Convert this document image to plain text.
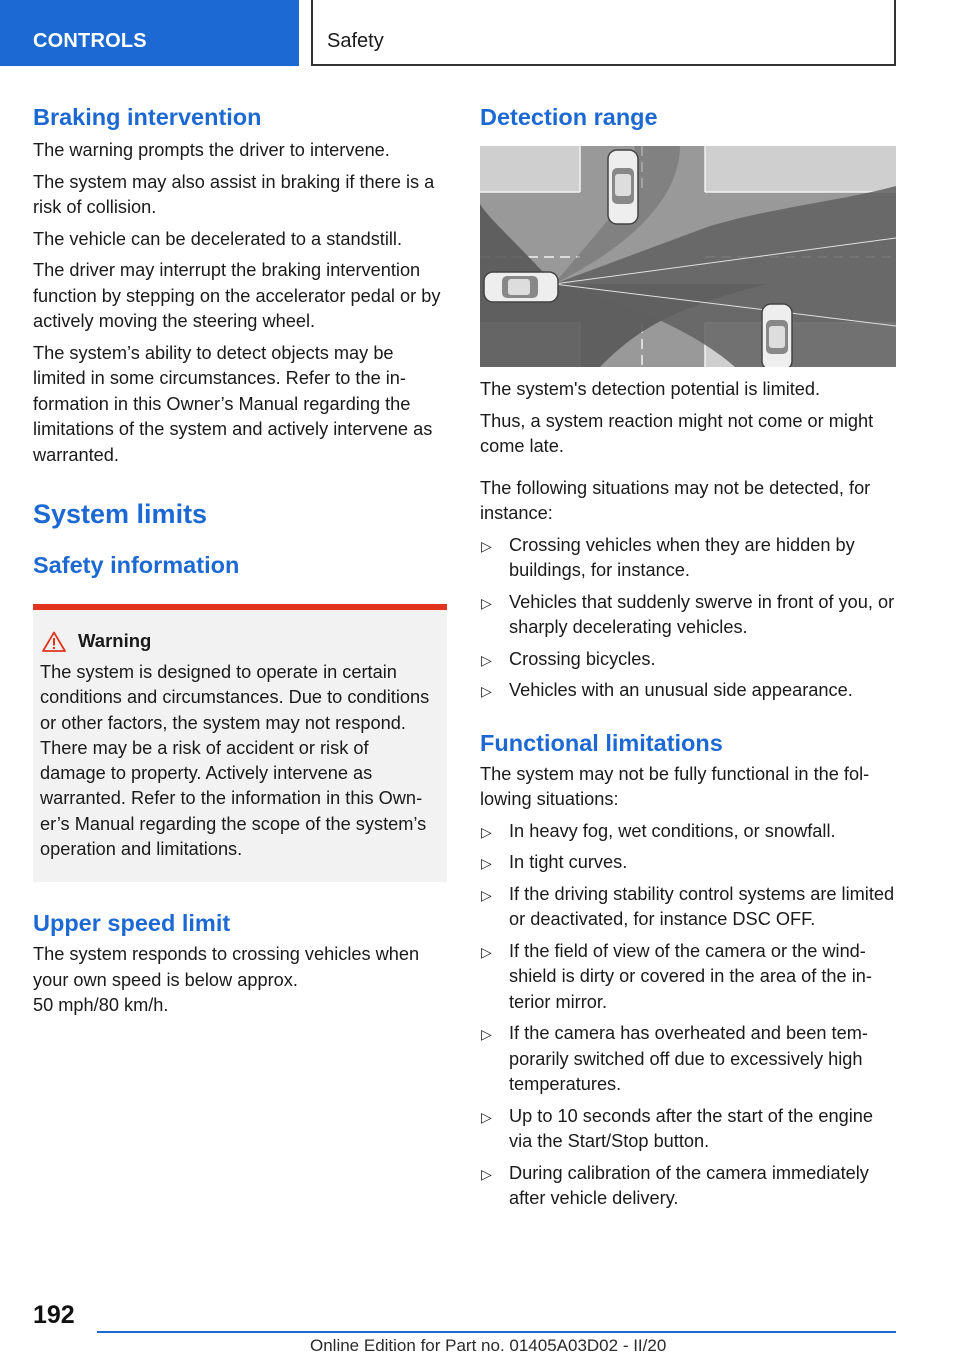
CONTROLS	Safety
Braking intervention

The warning prompts the driver to intervene.

The system may also assist in braking if there is a risk of collision.

The vehicle can be decelerated to a standstill.

The driver may interrupt the braking intervention function by stepping on the accelerator pedal or by actively moving the steering wheel.

The system’s ability to detect objects may be limited in some circumstances. Refer to the information in this Owner’s Manual regarding the limitations of the system and actively intervene as warranted.

System limits
Safety information
Warning

The system is designed to operate in certain conditions and circumstances. Due to conditions or other factors, the system may not respond. There may be a risk of accident or risk of damage to property. Actively intervene as warranted. Refer to the information in this Owner’s Manual regarding the scope of the system’s operation and limitations.

Upper speed limit

The system responds to crossing vehicles when your own speed is below approx.
50 mph/80 km/h.

Detection range

The system's detection potential is limited.

Thus, a system reaction might not come or might come late.

The following situations may not be detected, for instance:

▷ Crossing vehicles when they are hidden by buildings, for instance.
▷ Vehicles that suddenly swerve in front of you, or sharply decelerating vehicles.
▷ Crossing bicycles.
▷ Vehicles with an unusual side appearance.
Functional limitations

The system may not be fully functional in the following situations:

▷ In heavy fog, wet conditions, or snowfall.
▷ In tight curves.
▷ If the driving stability control systems are limited or deactivated, for instance DSC OFF.
▷ If the field of view of the camera or the windshield is dirty or covered in the area of the interior mirror.
▷ If the camera has overheated and been temporarily switched off due to excessively high temperatures.
▷ Up to 10 seconds after the start of the engine via the Start/Stop button.
▷ During calibration of the camera immediately after vehicle delivery.
192
Online Edition for Part no. 01405A03D02 - II/20
